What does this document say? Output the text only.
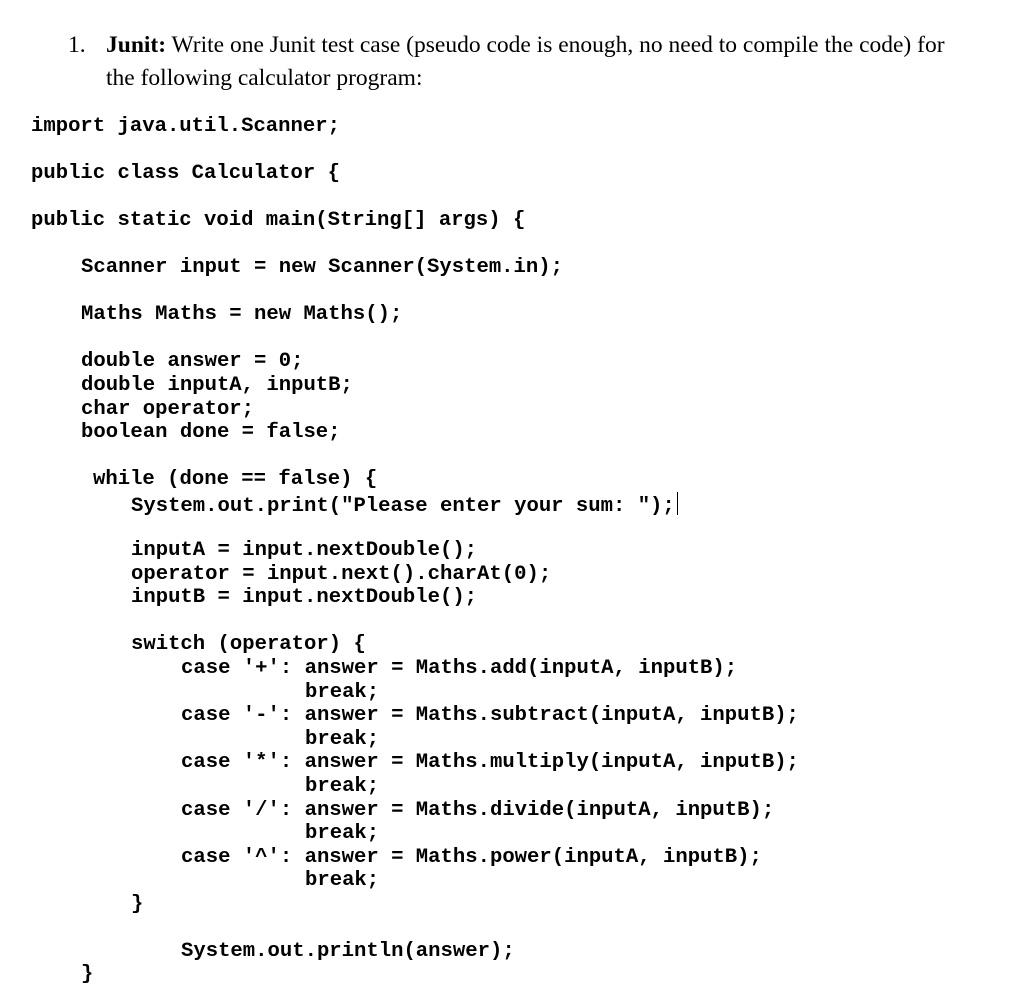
1. Junit: Write one Junit test case (pseudo code is enough, no need to compile the code) for
the following calculator program:
import java.util.Scanner;
public class Calculator {
public static void main(String[] args) {
Scanner input = new Scanner(System.in);
Maths Maths = new Maths();
double answer = 0;
double inputA, inputB;
char operator;
boolean done = false;
while (done == false) {
System.out.print("Please enter your sum: ");
inputA = input.nextDouble();
operator = input.next().charAt(0);
inputB = input.nextDouble();
switch (operator) {
case '+': answer = Maths.add(inputA, inputB);
break;
case '-': answer = Maths.subtract(inputA, inputB);
break;
case '*': answer = Maths.multiply(inputA, inputB);
break;
case '/': answer = Maths.divide(inputA, inputB);
break;
case '^': answer = Maths.power(inputA, inputB);
break;
}
System.out.println(answer);
}
